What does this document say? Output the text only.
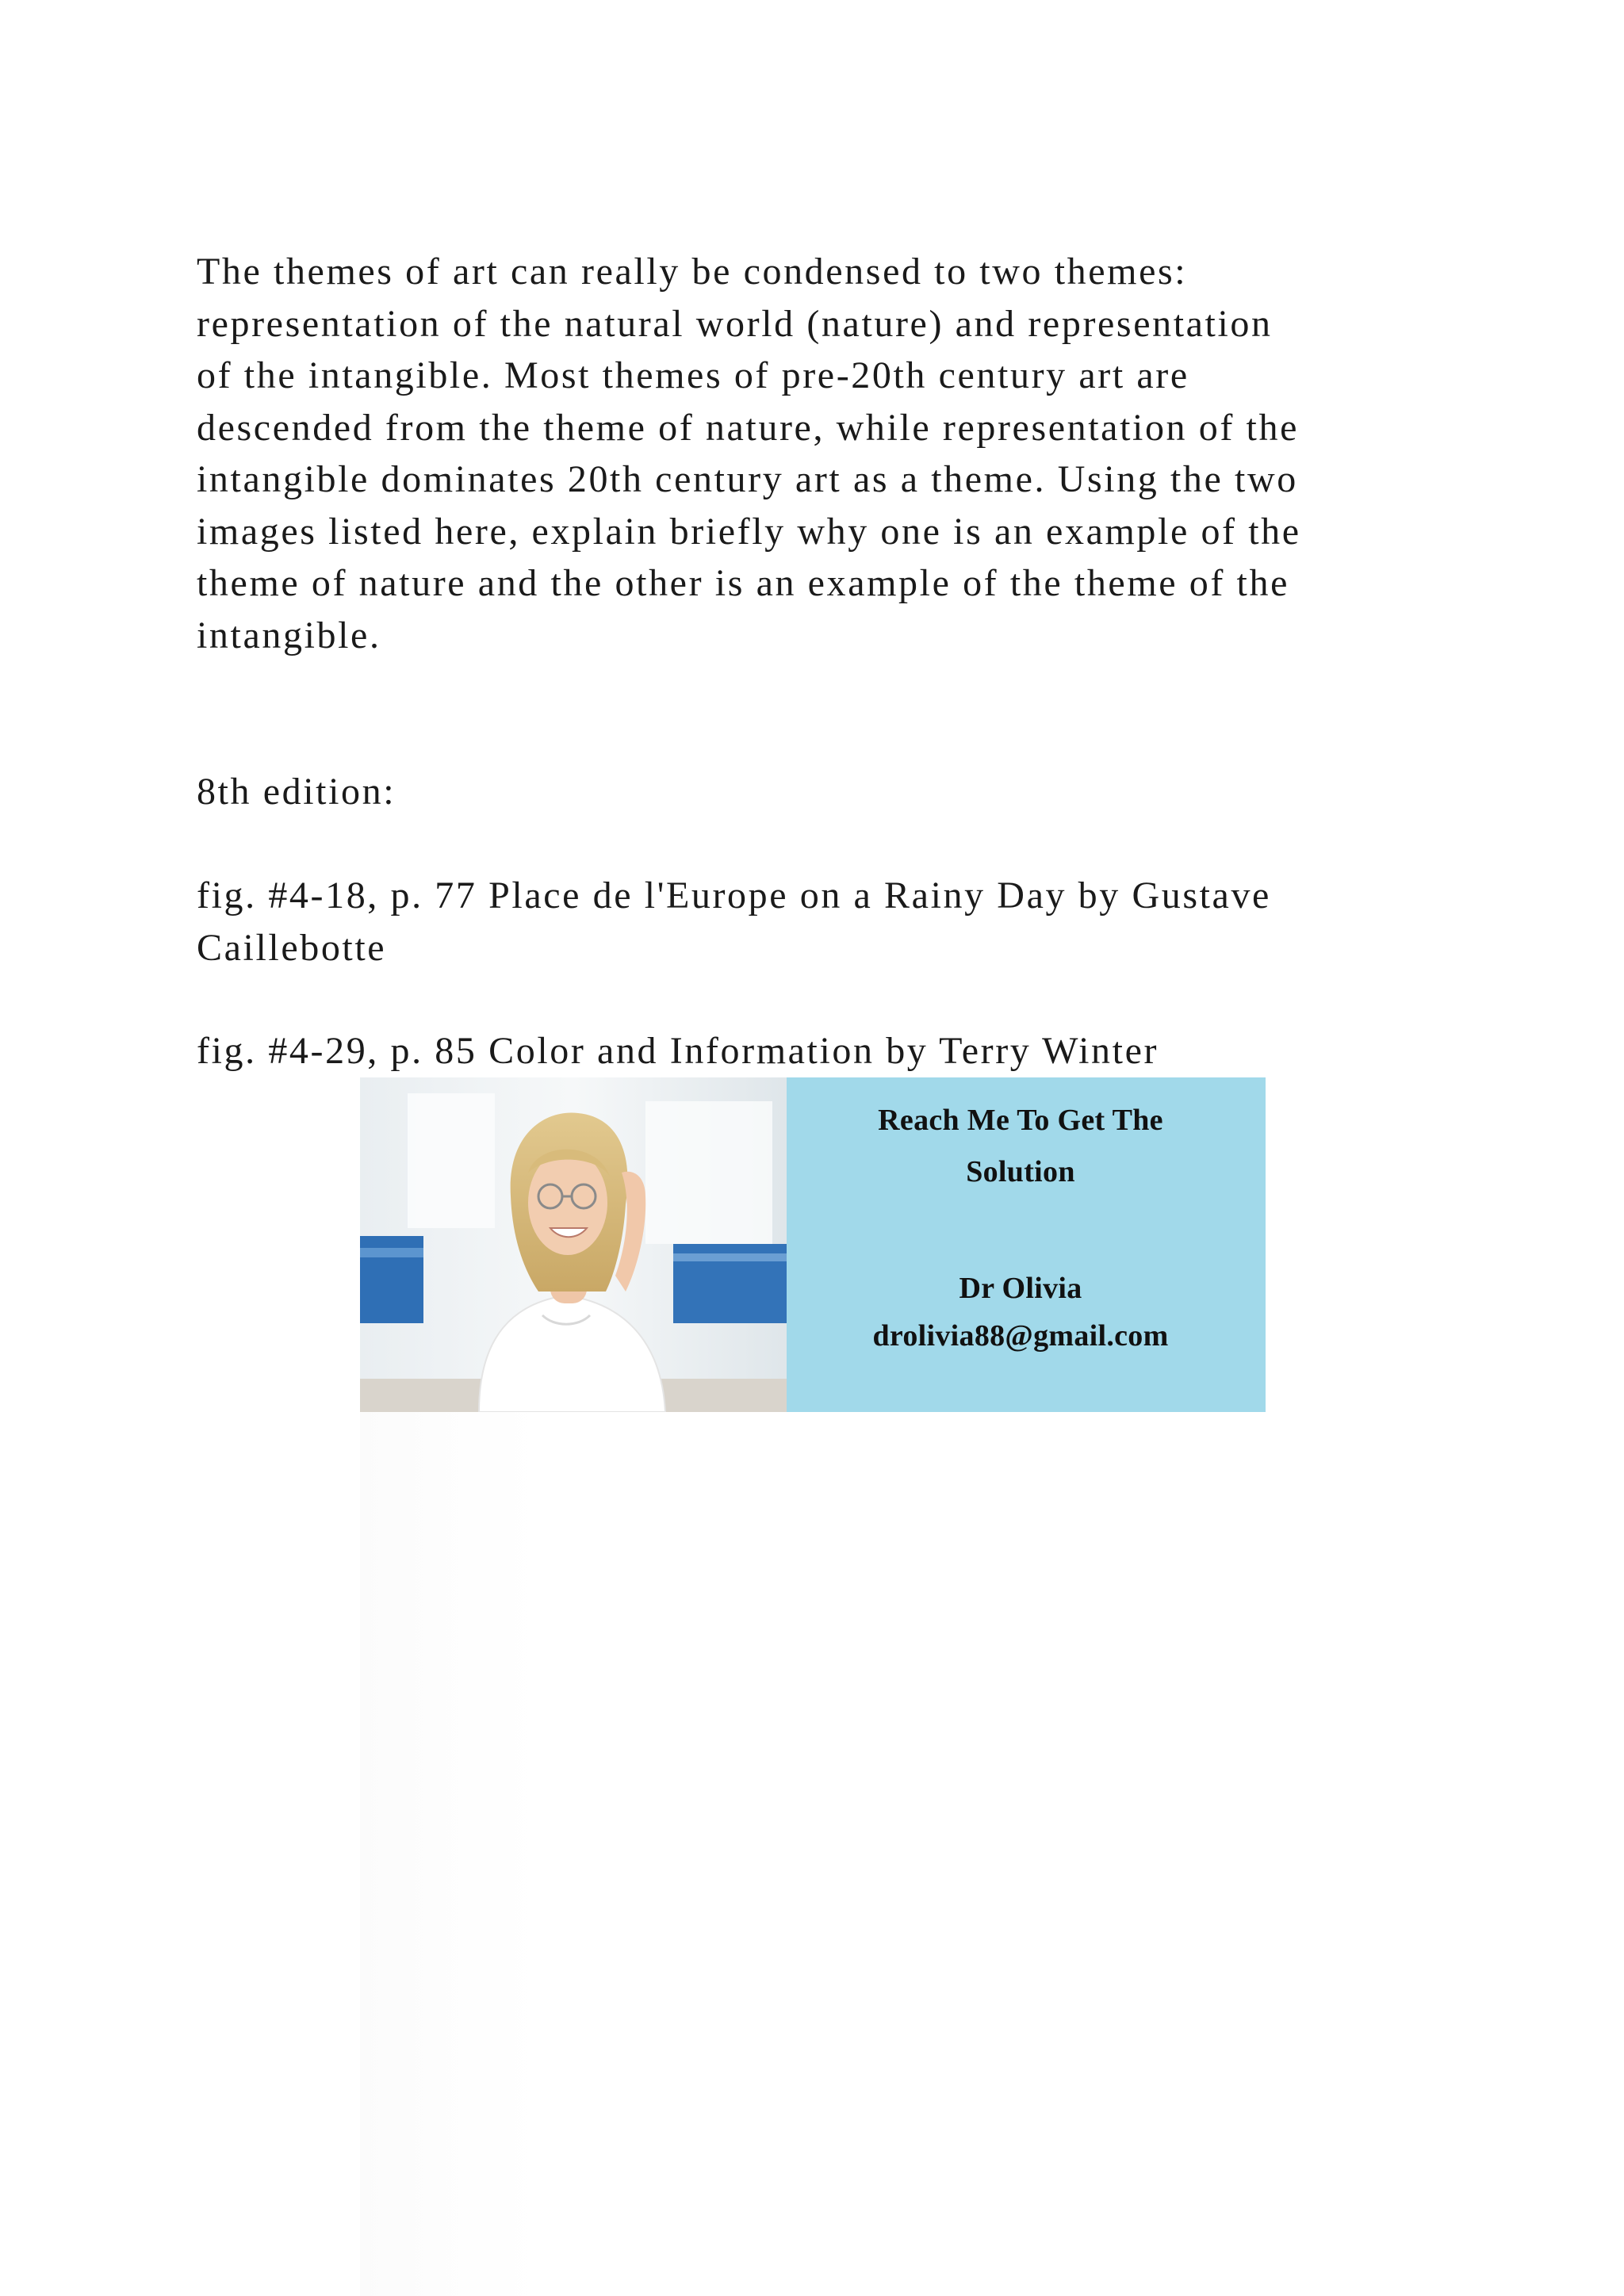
The themes of art can really be condensed to two themes:

representation of the natural world (nature) and representation

of the intangible. Most themes of pre-20th century art are

descended from the theme of nature, while representation of the

intangible dominates 20th century art as a theme. Using the two

images listed here, explain briefly why one is an example of the

theme of nature and the other is an example of the theme of the

intangible.

8th edition:

fig. #4-18, p. 77 Place de l'Europe on a Rainy Day by Gustave

Caillebotte

fig. #4-29, p. 85 Color and Information by Terry Winter

Reach Me To Get The
Solution
Dr Olivia
drolivia88@gmail.com
